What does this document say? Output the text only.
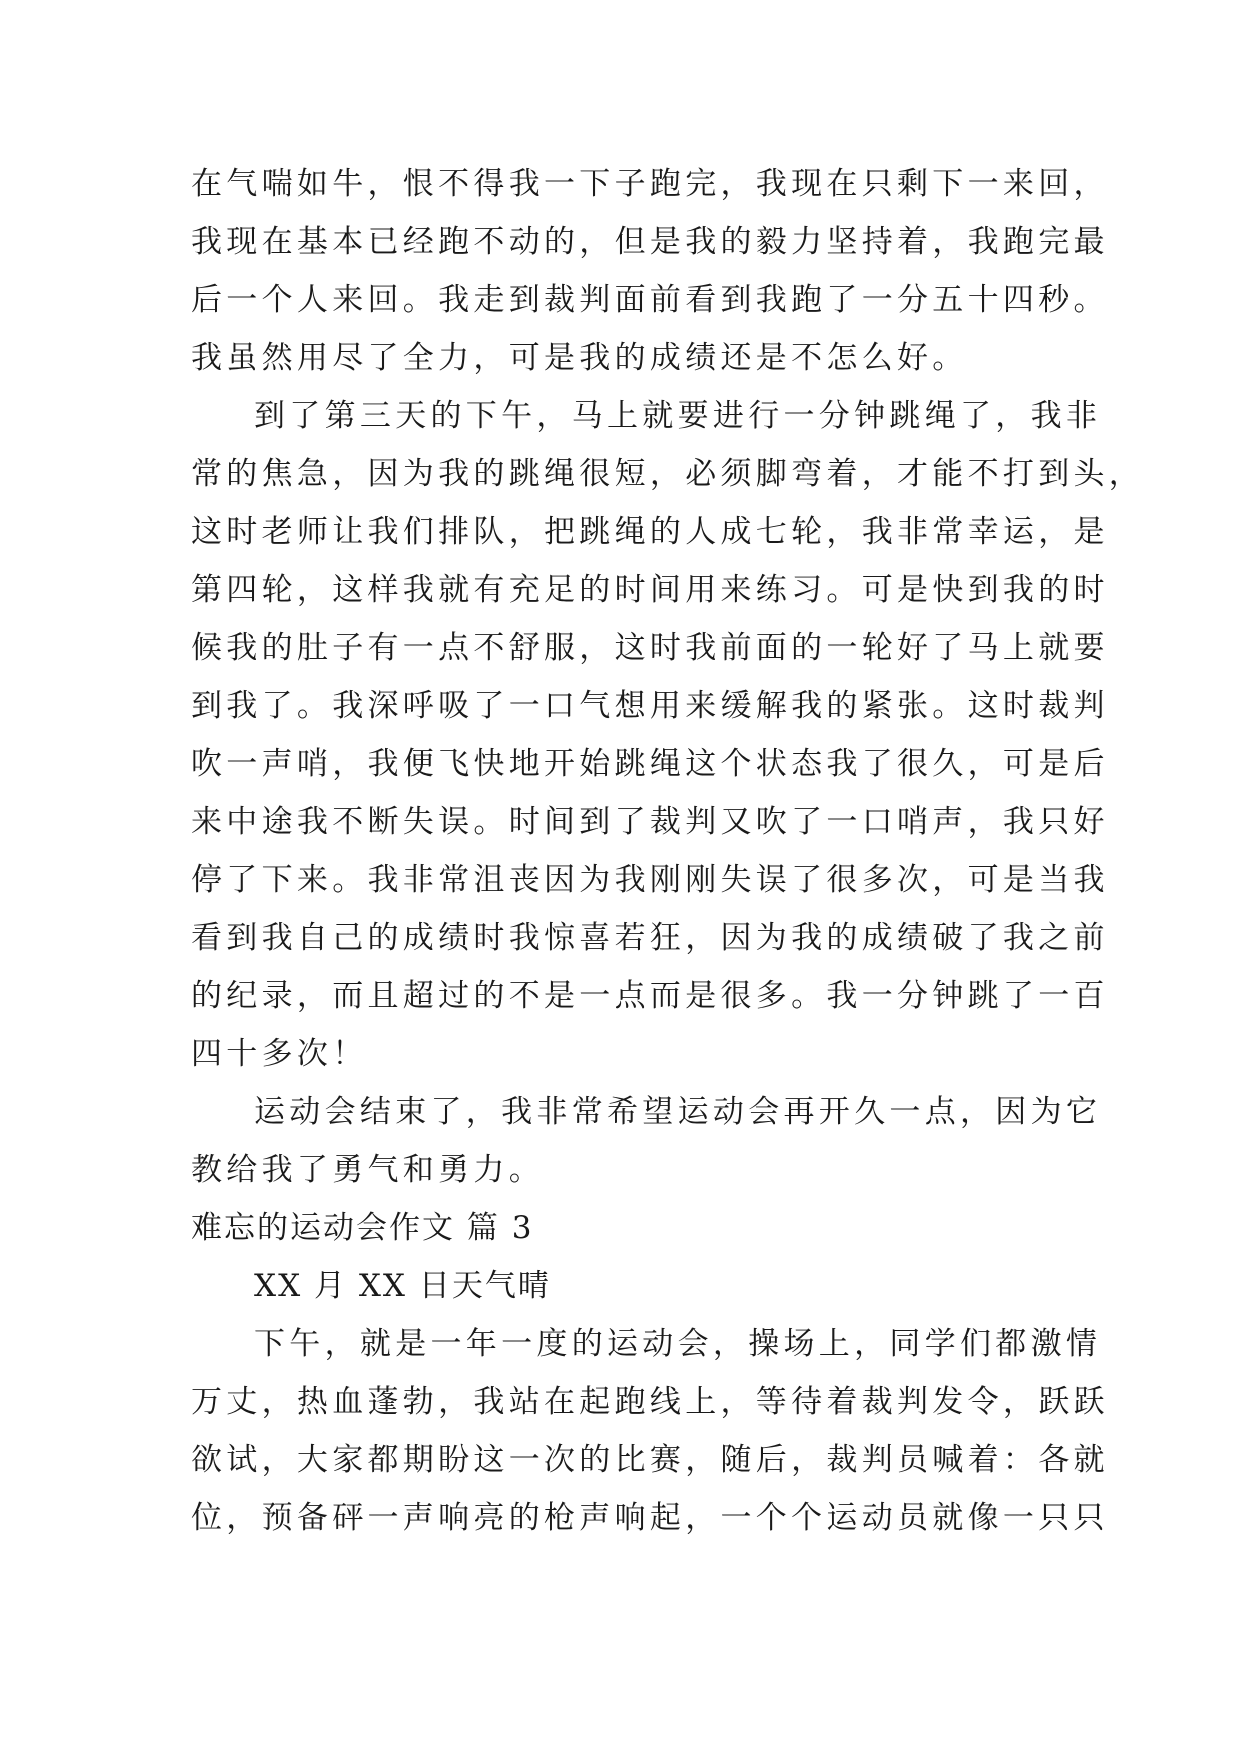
在气喘如牛，恨不得我一下子跑完，我现在只剩下一来回，
我现在基本已经跑不动的，但是我的毅力坚持着，我跑完最
后一个人来回。我走到裁判面前看到我跑了一分五十四秒。
我虽然用尽了全力，可是我的成绩还是不怎么好。
到了第三天的下午，马上就要进行一分钟跳绳了，我非
常的焦急，因为我的跳绳很短，必须脚弯着，才能不打到头，
这时老师让我们排队，把跳绳的人成七轮，我非常幸运，是
第四轮，这样我就有充足的时间用来练习。可是快到我的时
候我的肚子有一点不舒服，这时我前面的一轮好了马上就要
到我了。我深呼吸了一口气想用来缓解我的紧张。这时裁判
吹一声哨，我便飞快地开始跳绳这个状态我了很久，可是后
来中途我不断失误。时间到了裁判又吹了一口哨声，我只好
停了下来。我非常沮丧因为我刚刚失误了很多次，可是当我
看到我自己的成绩时我惊喜若狂，因为我的成绩破了我之前
的纪录，而且超过的不是一点而是很多。我一分钟跳了一百
四十多次！
运动会结束了，我非常希望运动会再开久一点，因为它
教给我了勇气和勇力。
难忘的运动会作文 篇 3
XX 月 XX 日天气晴
下午，就是一年一度的运动会，操场上，同学们都激情
万丈，热血蓬勃，我站在起跑线上，等待着裁判发令，跃跃
欲试，大家都期盼这一次的比赛，随后，裁判员喊着：各就
位，预备砰一声响亮的枪声响起，一个个运动员就像一只只
